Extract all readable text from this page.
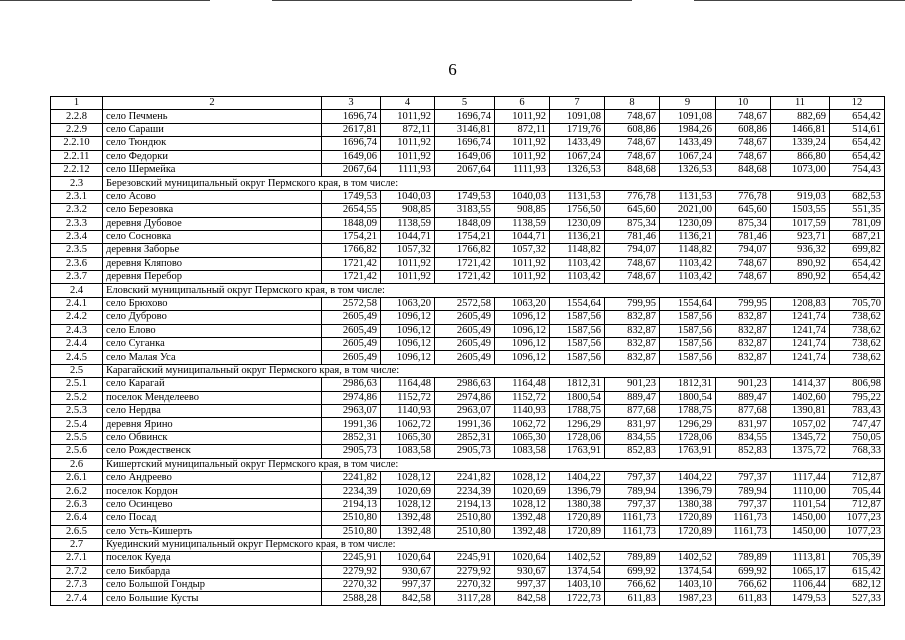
6
1	2	3	4	5	6	7	8	9	10	11	12
2.2.8	село Печмень	1696,74	1011,92	1696,74	1011,92	1091,08	748,67	1091,08	748,67	882,69	654,42
2.2.9	село Сараши	2617,81	872,11	3146,81	872,11	1719,76	608,86	1984,26	608,86	1466,81	514,61
2.2.10	село Тюндюк	1696,74	1011,92	1696,74	1011,92	1433,49	748,67	1433,49	748,67	1339,24	654,42
2.2.11	село Федорки	1649,06	1011,92	1649,06	1011,92	1067,24	748,67	1067,24	748,67	866,80	654,42
2.2.12	село Шермейка	2067,64	1111,93	2067,64	1111,93	1326,53	848,68	1326,53	848,68	1073,00	754,43
2.3	Березовский муниципальный округ Пермского края, в том числе:										
2.3.1	село Асово	1749,53	1040,03	1749,53	1040,03	1131,53	776,78	1131,53	776,78	919,03	682,53
2.3.2	село Березовка	2654,55	908,85	3183,55	908,85	1756,50	645,60	2021,00	645,60	1503,55	551,35
2.3.3	деревня Дубовое	1848,09	1138,59	1848,09	1138,59	1230,09	875,34	1230,09	875,34	1017,59	781,09
2.3.4	село Сосновка	1754,21	1044,71	1754,21	1044,71	1136,21	781,46	1136,21	781,46	923,71	687,21
2.3.5	деревня Заборье	1766,82	1057,32	1766,82	1057,32	1148,82	794,07	1148,82	794,07	936,32	699,82
2.3.6	деревня Кляпово	1721,42	1011,92	1721,42	1011,92	1103,42	748,67	1103,42	748,67	890,92	654,42
2.3.7	деревня Перебор	1721,42	1011,92	1721,42	1011,92	1103,42	748,67	1103,42	748,67	890,92	654,42
2.4	Еловский муниципальный округ Пермского края, в том числе:										
2.4.1	село Брюхово	2572,58	1063,20	2572,58	1063,20	1554,64	799,95	1554,64	799,95	1208,83	705,70
2.4.2	село Дуброво	2605,49	1096,12	2605,49	1096,12	1587,56	832,87	1587,56	832,87	1241,74	738,62
2.4.3	село Елово	2605,49	1096,12	2605,49	1096,12	1587,56	832,87	1587,56	832,87	1241,74	738,62
2.4.4	село Суганка	2605,49	1096,12	2605,49	1096,12	1587,56	832,87	1587,56	832,87	1241,74	738,62
2.4.5	село Малая Уса	2605,49	1096,12	2605,49	1096,12	1587,56	832,87	1587,56	832,87	1241,74	738,62
2.5	Карагайский муниципальный округ Пермского края, в том числе:										
2.5.1	село Карагай	2986,63	1164,48	2986,63	1164,48	1812,31	901,23	1812,31	901,23	1414,37	806,98
2.5.2	поселок Менделеево	2974,86	1152,72	2974,86	1152,72	1800,54	889,47	1800,54	889,47	1402,60	795,22
2.5.3	село Нердва	2963,07	1140,93	2963,07	1140,93	1788,75	877,68	1788,75	877,68	1390,81	783,43
2.5.4	деревня Ярино	1991,36	1062,72	1991,36	1062,72	1296,29	831,97	1296,29	831,97	1057,02	747,47
2.5.5	село Обвинск	2852,31	1065,30	2852,31	1065,30	1728,06	834,55	1728,06	834,55	1345,72	750,05
2.5.6	село Рождественск	2905,73	1083,58	2905,73	1083,58	1763,91	852,83	1763,91	852,83	1375,72	768,33
2.6	Кишертский муниципальный округ Пермского края, в том числе:										
2.6.1	село Андреево	2241,82	1028,12	2241,82	1028,12	1404,22	797,37	1404,22	797,37	1117,44	712,87
2.6.2	поселок Кордон	2234,39	1020,69	2234,39	1020,69	1396,79	789,94	1396,79	789,94	1110,00	705,44
2.6.3	село Осинцево	2194,13	1028,12	2194,13	1028,12	1380,38	797,37	1380,38	797,37	1101,54	712,87
2.6.4	село Посад	2510,80	1392,48	2510,80	1392,48	1720,89	1161,73	1720,89	1161,73	1450,00	1077,23
2.6.5	село Усть-Кишерть	2510,80	1392,48	2510,80	1392,48	1720,89	1161,73	1720,89	1161,73	1450,00	1077,23
2.7	Куединский муниципальный округ Пермского края, в том числе:										
2.7.1	поселок Куеда	2245,91	1020,64	2245,91	1020,64	1402,52	789,89	1402,52	789,89	1113,81	705,39
2.7.2	село Бикбарда	2279,92	930,67	2279,92	930,67	1374,54	699,92	1374,54	699,92	1065,17	615,42
2.7.3	село Большой Гондыр	2270,32	997,37	2270,32	997,37	1403,10	766,62	1403,10	766,62	1106,44	682,12
2.7.4	село Большие Кусты	2588,28	842,58	3117,28	842,58	1722,73	611,83	1987,23	611,83	1479,53	527,33
